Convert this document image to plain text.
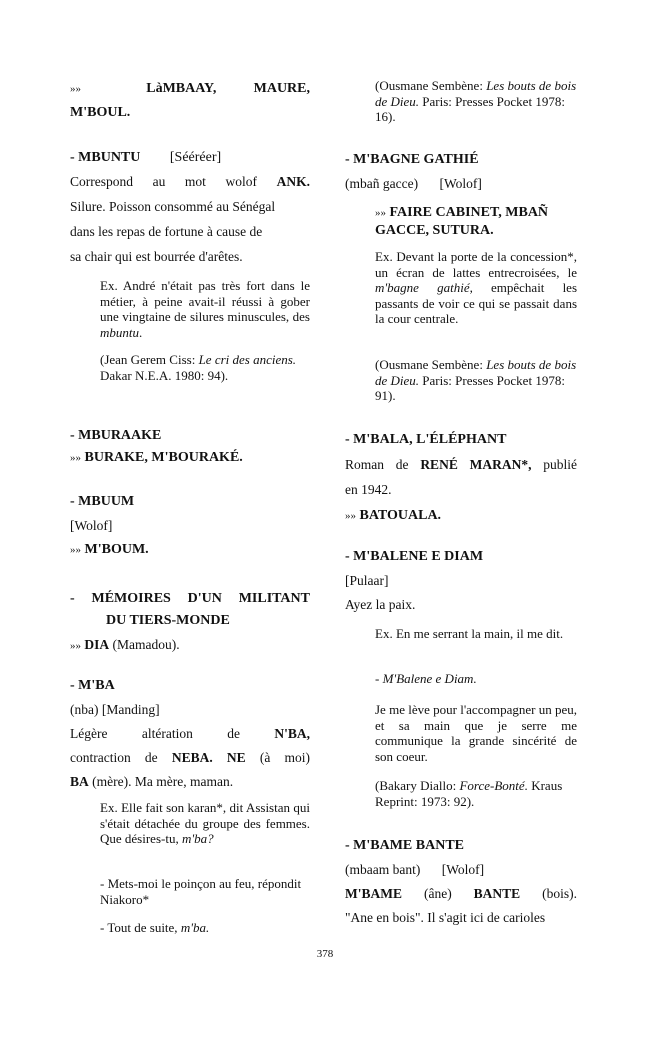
»»	LàMBAAY,	MAURE,
M'BOUL.
- MBUNTU [Sééréer]
Correspond au mot wolof ANK.
Silure. Poisson consommé au Sénégal
dans les repas de fortune à cause de
sa chair qui est bourrée d'arêtes.
Ex. André n'était pas très fort dans le métier, à peine avait-il réussi à gober une vingtaine de silures minuscules, des mbuntu.
(Jean Gerem Ciss: Le cri des anciens. Dakar N.E.A. 1980: 94).
- MBURAAKE
»» BURAKE, M'BOURAKÉ.
- MBUUM
[Wolof]
»» M'BOUM.
- MÉMOIRES D'UN MILITANT
DU TIERS-MONDE
»» DIA (Mamadou).
- M'BA
(nba) [Manding]
Légère	altération	de	N'BA,
contraction de NEBA. NE (à moi)
BA (mère). Ma mère, maman.
Ex. Elle fait son karan*, dit Assistan qui s'était détachée du groupe des femmes. Que désires-tu, m'ba?
- Mets-moi le poinçon au feu, répondit Niakoro*
- Tout de suite, m'ba.
(Ousmane Sembène: Les bouts de bois de Dieu. Paris: Presses Pocket 1978: 16).
- M'BAGNE GATHIÉ
(mbañ gacce) [Wolof]
»» FAIRE CABINET, MBAÑ GACCE, SUTURA.
Ex. Devant la porte de la concession*, un écran de lattes entrecroisées, le m'bagne gathié, empêchait les passants de voir ce qui se passait dans la cour centrale.
(Ousmane Sembène: Les bouts de bois de Dieu. Paris: Presses Pocket 1978: 91).
- M'BALA, L'ÉLÉPHANT
Roman de RENÉ MARAN*, publié
en 1942.
»» BATOUALA.
- M'BALENE E DIAM
[Pulaar]
Ayez la paix.
Ex. En me serrant la main, il me dit.
- M'Balene e Diam.
Je me lève pour l'accompagner un peu, et sa main que je serre me communique la grande sincérité de son coeur.
(Bakary Diallo: Force-Bonté. Kraus Reprint: 1973: 92).
- M'BAME BANTE
(mbaam bant) [Wolof]
M'BAME (âne) BANTE (bois).
"Ane en bois". Il s'agit ici de carioles
378
